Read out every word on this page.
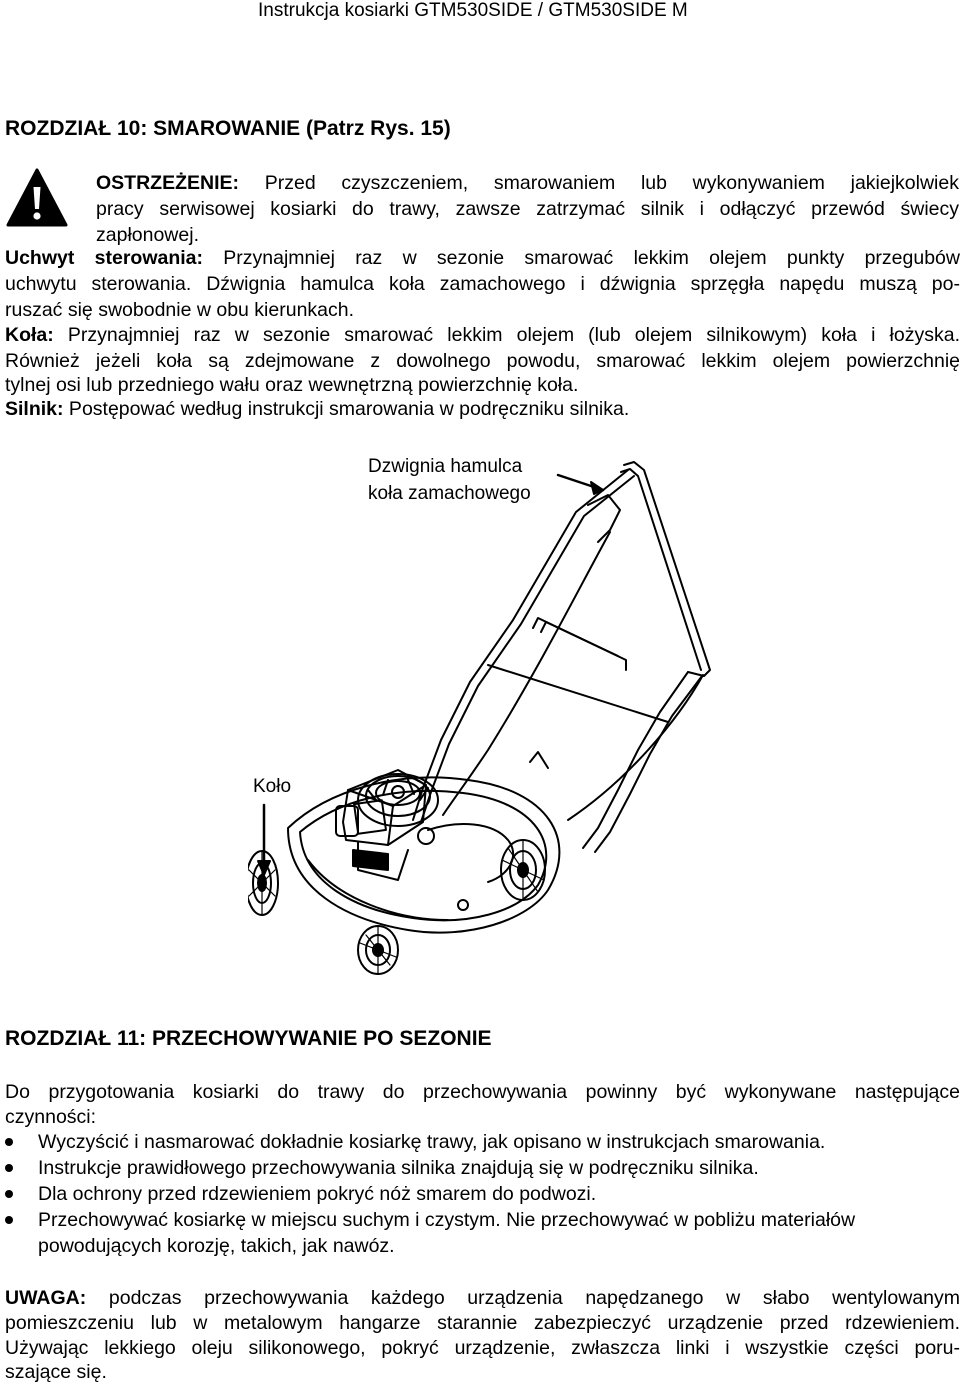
Instrukcja kosiarki GTM530SIDE / GTM530SIDE M
ROZDZIAŁ 10: SMAROWANIE (Patrz Rys. 15)
OSTRZEŻENIE: Przed czyszczeniem, smarowaniem lub wykonywaniem jakiejkolwiek
pracy serwisowej kosiarki do trawy, zawsze zatrzymać silnik i odłączyć przewód świecy
zapłonowej.
Uchwyt sterowania: Przynajmniej raz w sezonie smarować lekkim olejem punkty przegubów
uchwytu sterowania. Dźwignia hamulca koła zamachowego i dźwignia sprzęgła napędu muszą po-
ruszać się swobodnie w obu kierunkach.
Koła: Przynajmniej raz w sezonie smarować lekkim olejem (lub olejem silnikowym) koła i łożyska.
Również jeżeli koła są zdejmowane z dowolnego powodu, smarować lekkim olejem powierzchnię
tylnej osi lub przedniego wału oraz wewnętrzną powierzchnię koła.
Silnik: Postępować według instrukcji smarowania w podręczniku silnika.
Dzwignia hamulca
koła zamachowego
Koło
ROZDZIAŁ 11: PRZECHOWYWANIE PO SEZONIE
Do przygotowania kosiarki do trawy do przechowywania powinny być wykonywane następujące
czynności:
Wyczyścić i nasmarować dokładnie kosiarkę trawy, jak opisano w instrukcjach smarowania.
Instrukcje prawidłowego przechowywania silnika znajdują się w podręczniku silnika.
Dla ochrony przed rdzewieniem pokryć nóż smarem do podwozi.
Przechowywać kosiarkę w miejscu suchym i czystym. Nie przechowywać w pobliżu materiałów
powodujących korozję, takich, jak nawóz.
UWAGA: podczas przechowywania każdego urządzenia napędzanego w słabo wentylowanym
pomieszczeniu lub w metalowym hangarze starannie zabezpieczyć urządzenie przed rdzewieniem.
Używając lekkiego oleju silikonowego, pokryć urządzenie, zwłaszcza linki i wszystkie części poru-
szające się.
